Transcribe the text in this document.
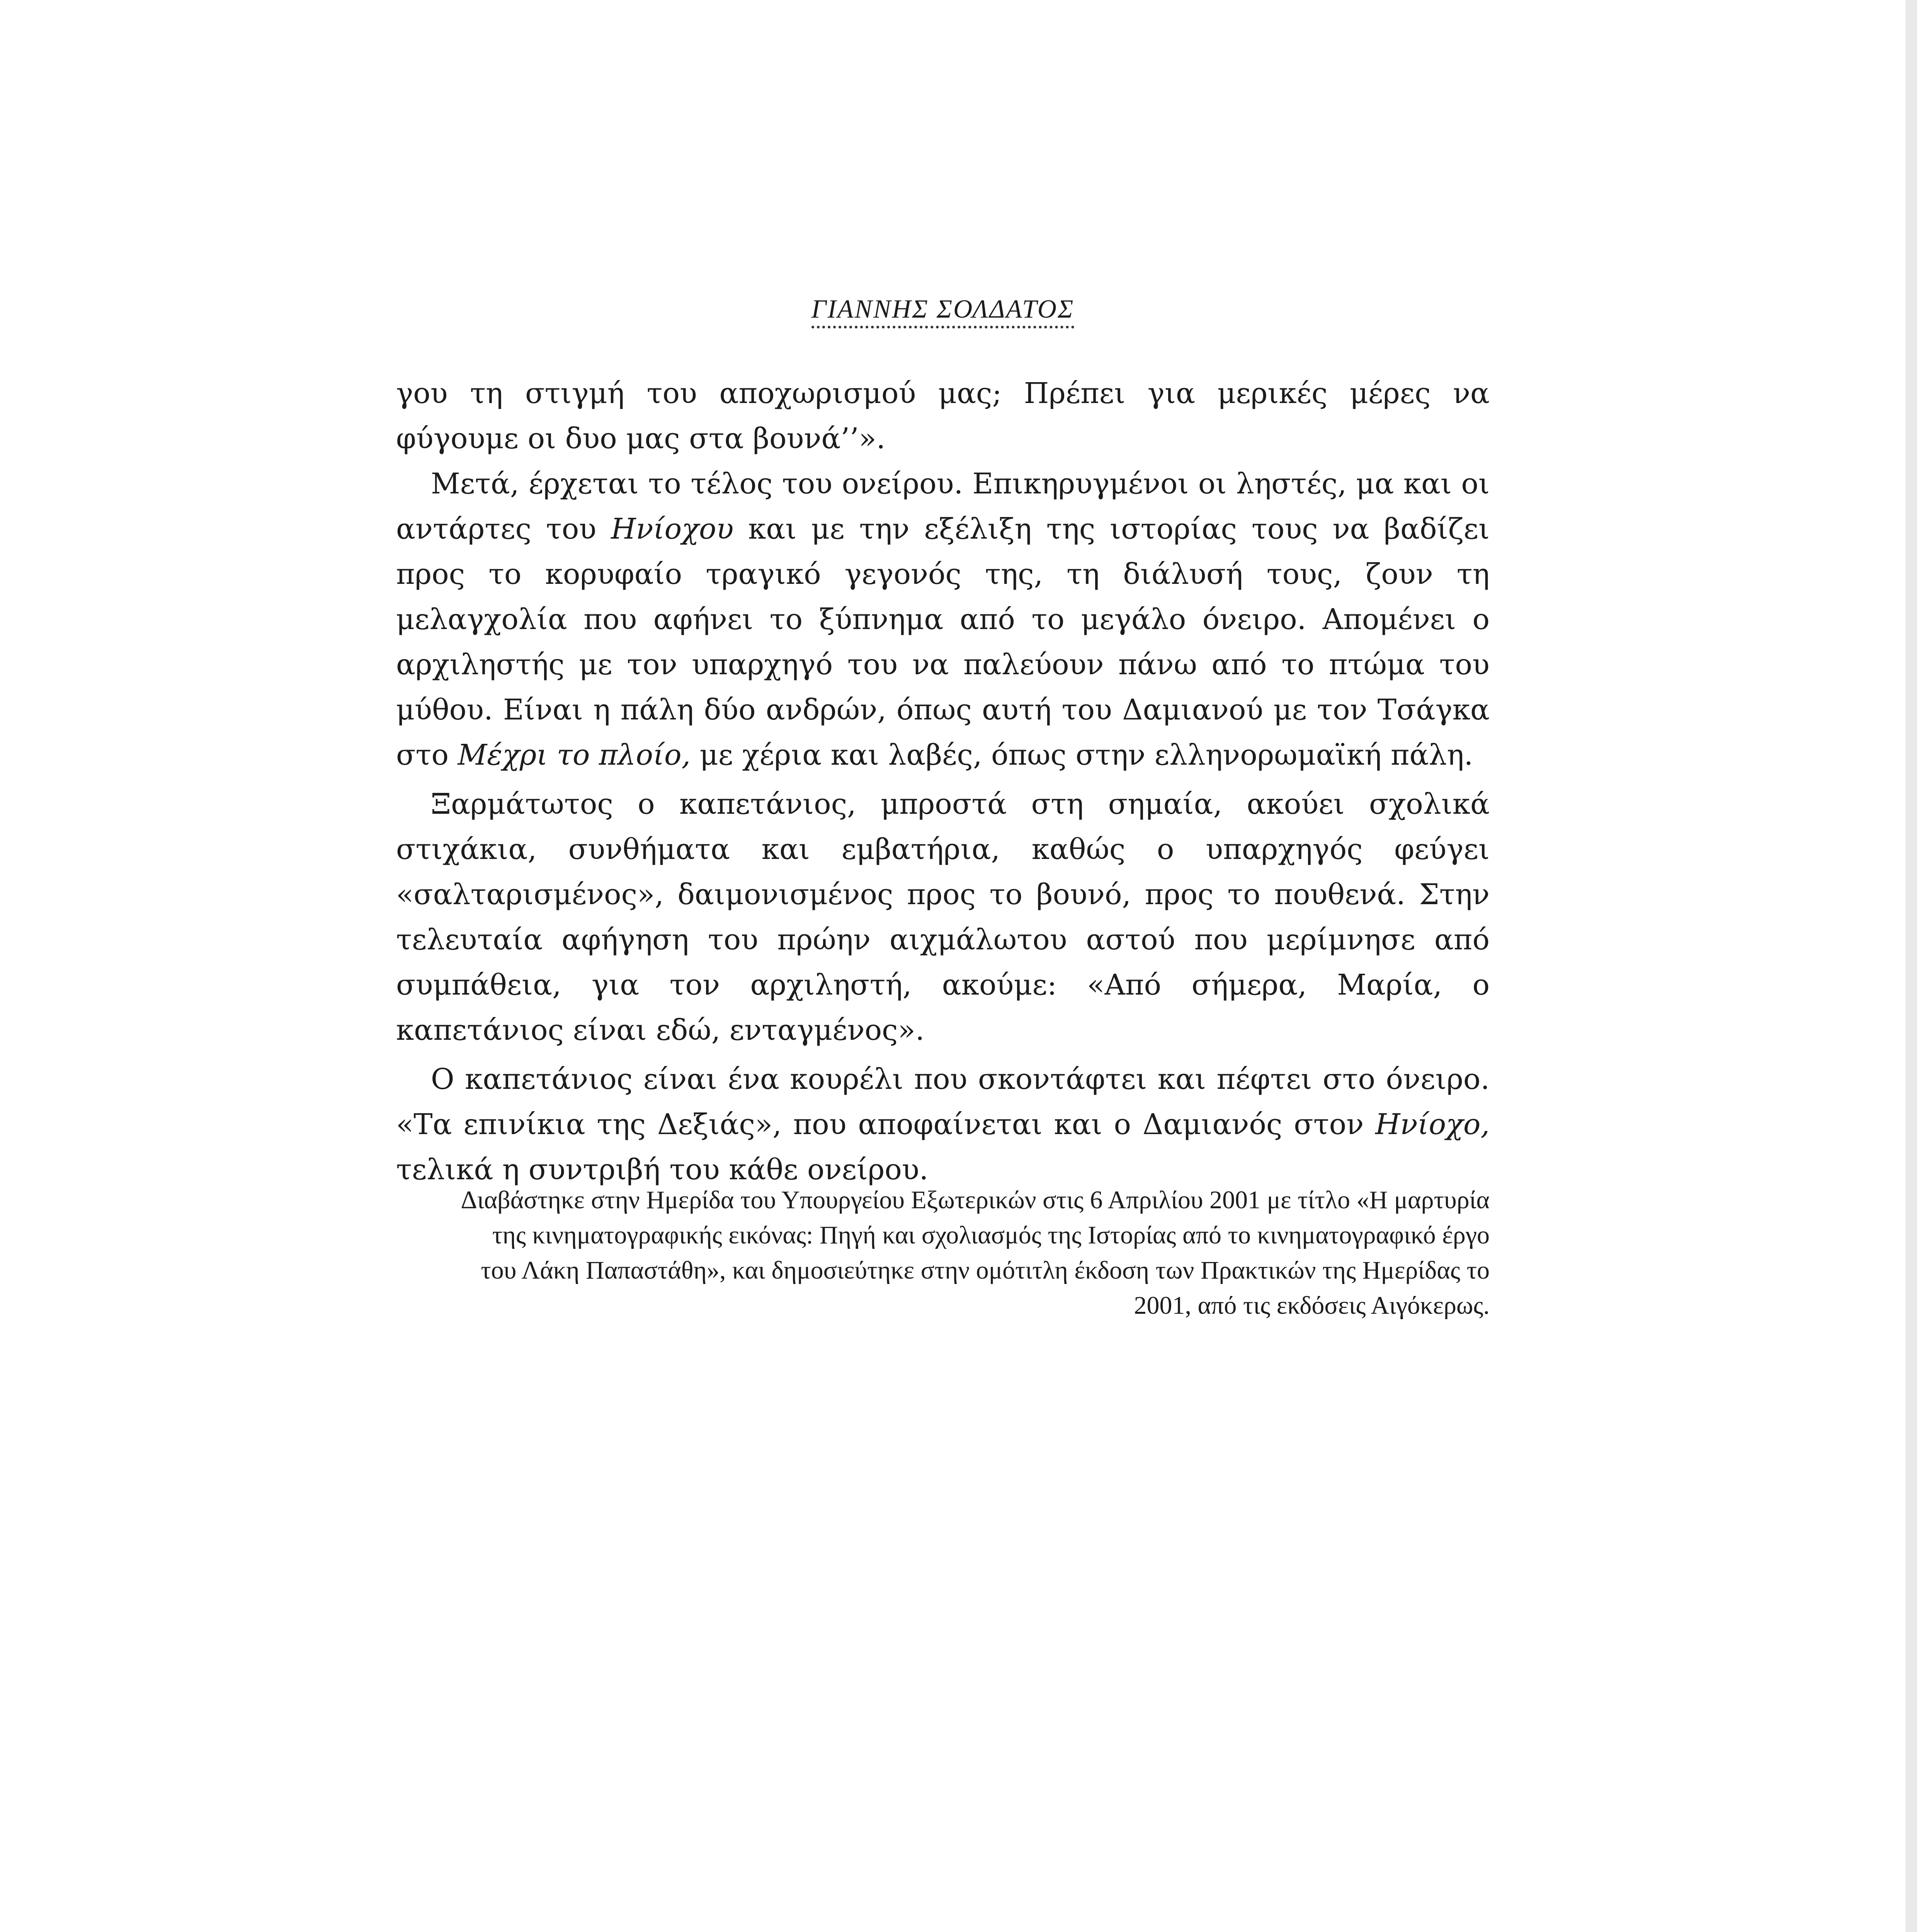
ΓΙΑΝΝΗΣ ΣΟΛΔΑΤΟΣ

γου τη στιγμή του αποχωρισμού μας; Πρέπει για μερικές μέρες να φύγουμε οι δυο μας στα βουνά’’».

Μετά, έρχεται το τέλος του ονείρου. Επικηρυγμένοι οι ληστές, μα και οι αντάρτες του Ηνίοχου και με την εξέλιξη της ιστορίας τους να βαδίζει προς το κορυφαίο τραγικό γεγονός της, τη διάλυσή τους, ζουν τη μελαγχολία που αφήνει το ξύπνημα από το μεγάλο όνειρο. Απομένει ο αρχιληστής με τον υπαρχηγό του να παλεύουν πάνω από το πτώμα του μύθου. Είναι η πάλη δύο ανδρών, όπως αυτή του Δαμιανού με τον Τσάγκα στο Μέχρι το πλοίο, με χέρια και λαβές, όπως στην ελληνορωμαϊκή πάλη.

Ξαρμάτωτος ο καπετάνιος, μπροστά στη σημαία, ακούει σχολικά στιχάκια, συνθήματα και εμβατήρια, καθώς ο υπαρχηγός φεύγει «σαλταρισμένος», δαιμονισμένος προς το βουνό, προς το πουθενά. Στην τελευταία αφήγηση του πρώην αιχμάλωτου αστού που μερίμνησε από συμπάθεια, για τον αρχιληστή, ακούμε: «Από σήμερα, Μαρία, ο καπετάνιος είναι εδώ, ενταγμένος».

Ο καπετάνιος είναι ένα κουρέλι που σκοντάφτει και πέφτει στο όνειρο. «Τα επινίκια της Δεξιάς», που αποφαίνεται και ο Δαμιανός στον Ηνίοχο, τελικά η συντριβή του κάθε ονείρου.

Διαβάστηκε στην Ημερίδα του Υπουργείου Εξωτερικών στις 6 Απριλίου 2001 με τίτλο «Η μαρτυρία της κινηματογραφικής εικόνας: Πηγή και σχολιασμός της Ιστορίας από το κινηματογραφικό έργο του Λάκη Παπαστάθη», και δημοσιεύτηκε στην ομότιτλη έκδοση των Πρακτικών της Ημερίδας το 2001, από τις εκδόσεις Αιγόκερως.
